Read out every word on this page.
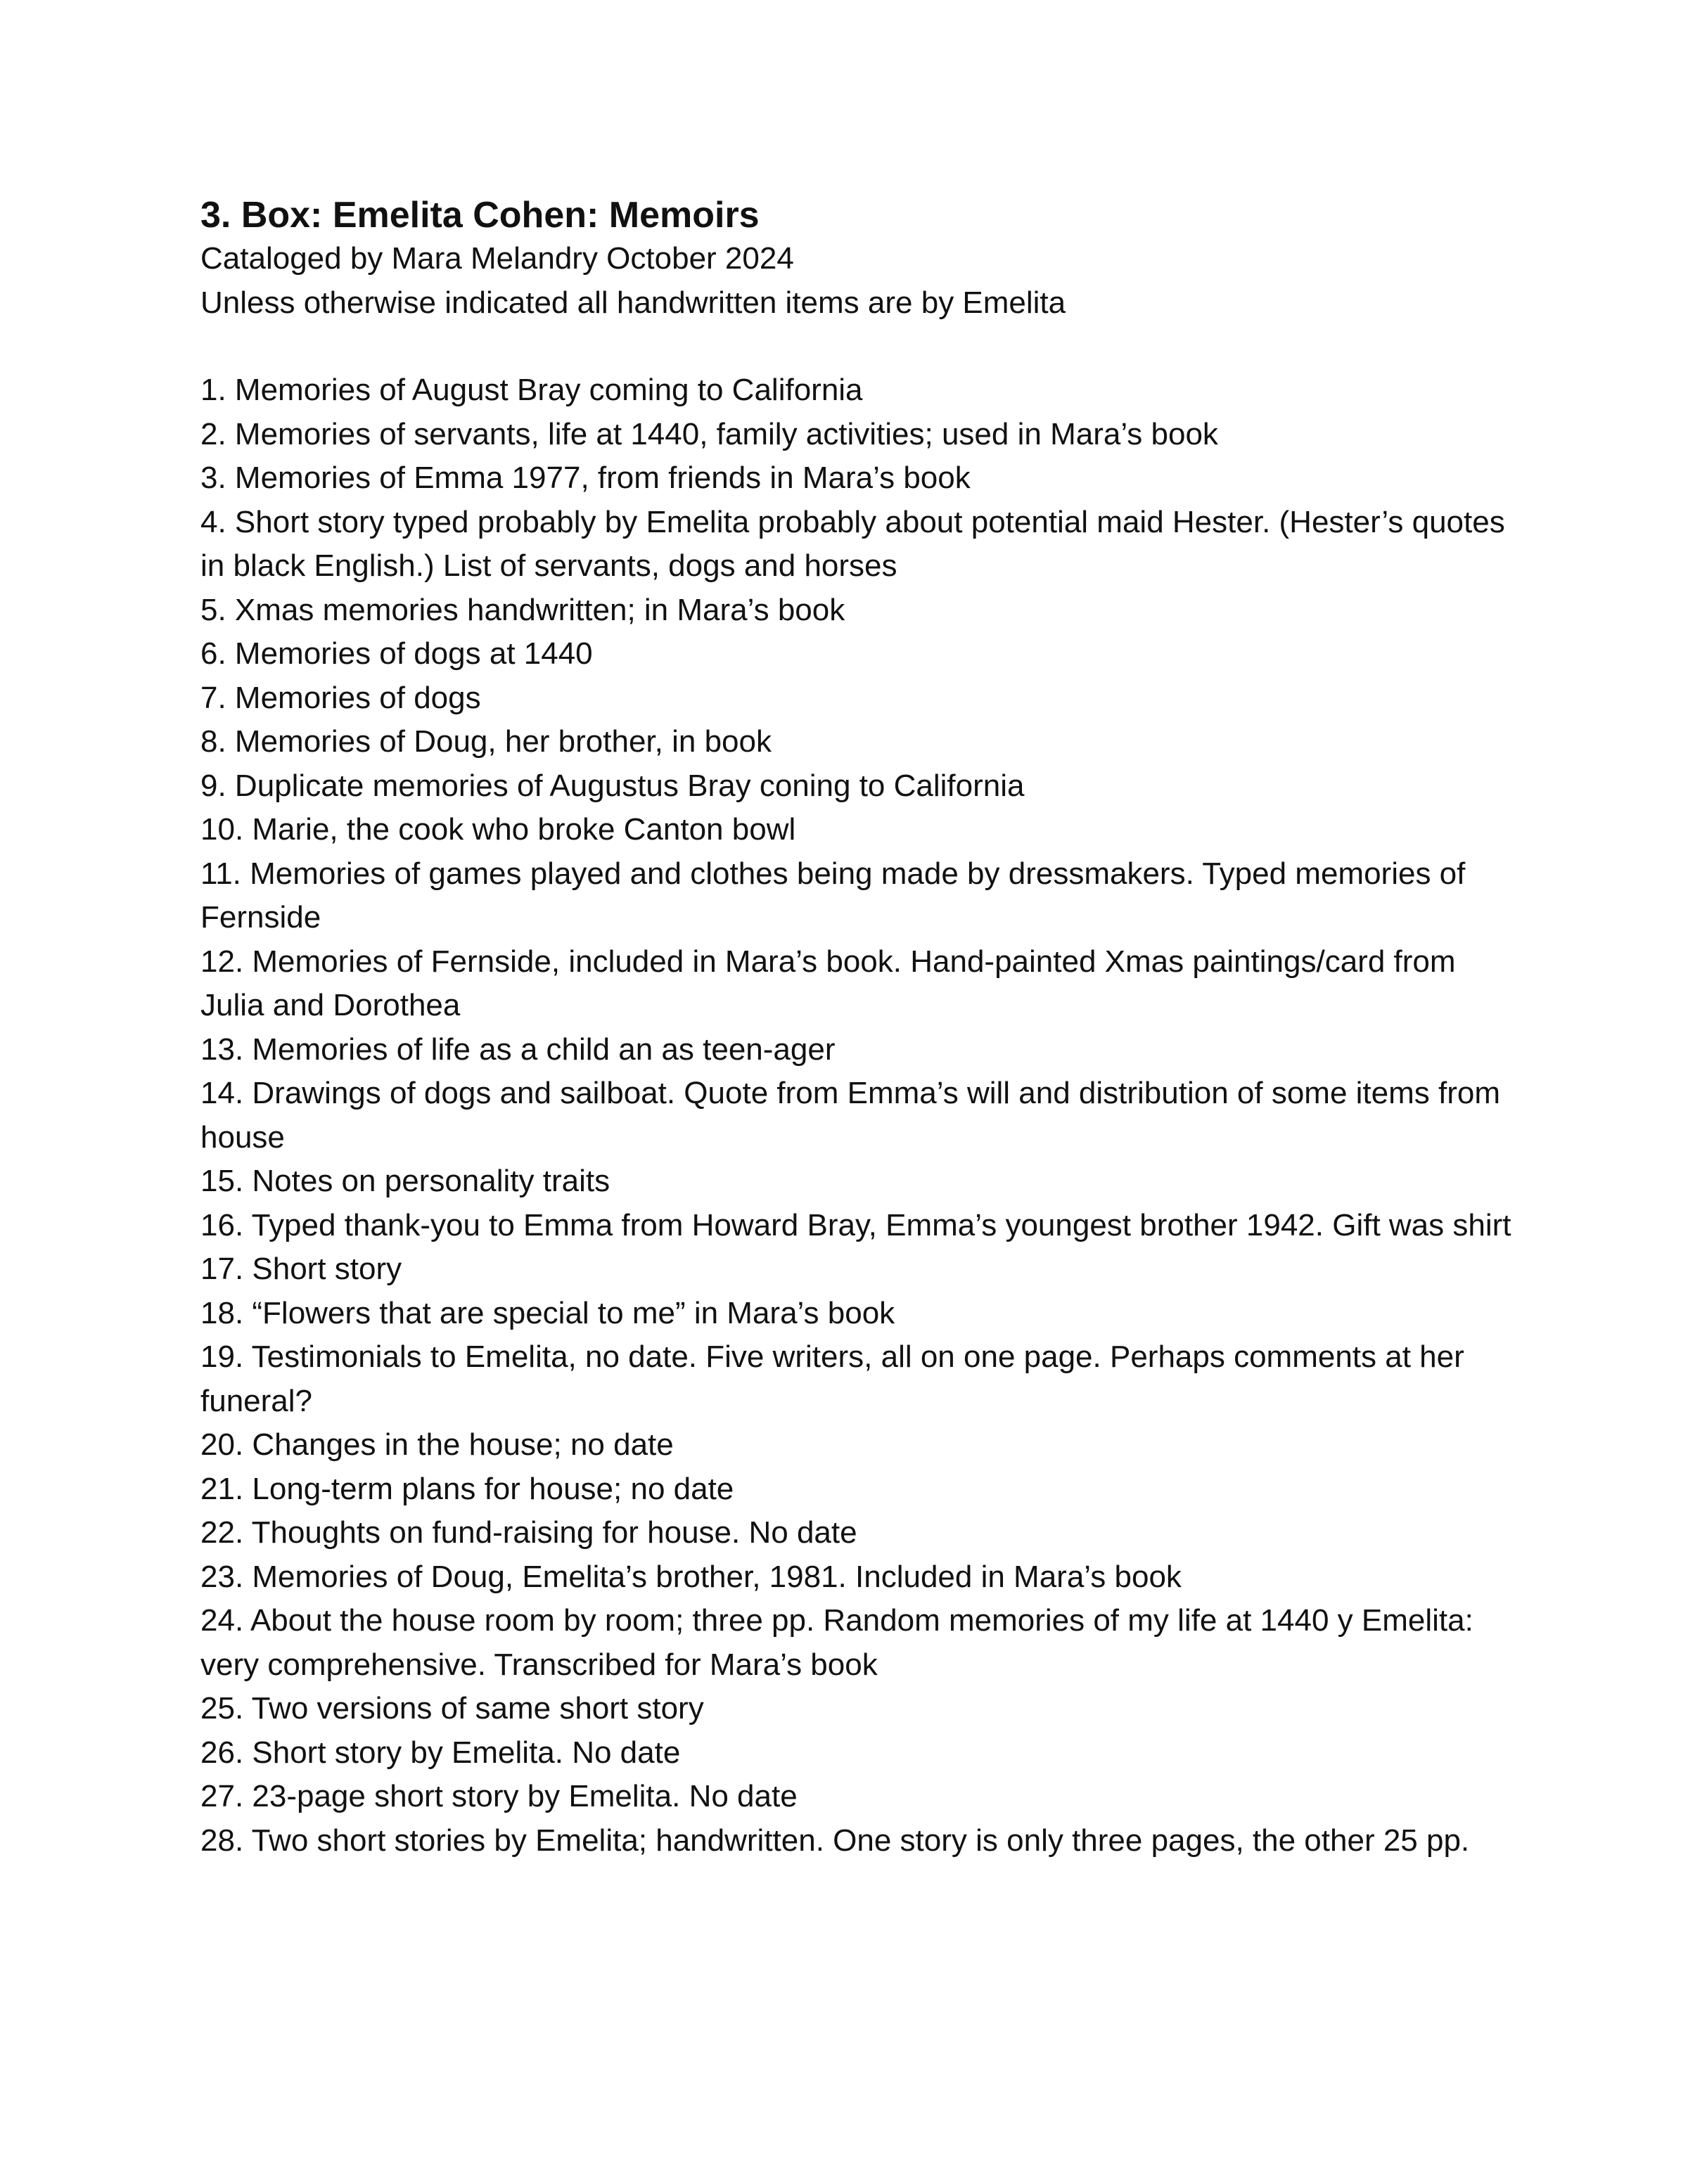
3. Box: Emelita Cohen: Memoirs

Cataloged by Mara Melandry October 2024

Unless otherwise indicated all handwritten items are by Emelita

1. Memories of August Bray coming to California
2. Memories of servants, life at 1440, family activities; used in Mara’s book
3. Memories of Emma 1977, from friends in Mara’s book
4. Short story typed probably by Emelita probably about potential maid Hester. (Hester’s quotes in black English.) List of servants, dogs and horses
5. Xmas memories handwritten; in Mara’s book
6. Memories of dogs at 1440
7. Memories of dogs
8. Memories of Doug, her brother, in book
9. Duplicate memories of Augustus Bray coning to California
10. Marie, the cook who broke Canton bowl
11. Memories of games played and clothes being made by dressmakers. Typed memories of Fernside
12. Memories of Fernside, included in Mara’s book. Hand-painted Xmas paintings/card from Julia and Dorothea
13. Memories of life as a child an as teen-ager
14. Drawings of dogs and sailboat. Quote from Emma’s will and distribution of some items from house
15. Notes on personality traits
16. Typed thank-you to Emma from Howard Bray, Emma’s youngest brother 1942. Gift was shirt
17. Short story
18. “Flowers that are special to me” in Mara’s book
19. Testimonials to Emelita, no date. Five writers, all on one page. Perhaps comments at her funeral?
20. Changes in the house; no date
21. Long-term plans for house; no date
22. Thoughts on fund-raising for house. No date
23. Memories of Doug, Emelita’s brother, 1981. Included in Mara’s book
24. About the house room by room; three pp. Random memories of my life at 1440 y Emelita: very comprehensive. Transcribed for Mara’s book
25. Two versions of same short story
26. Short story by Emelita. No date
27. 23-page short story by Emelita. No date
28. Two short stories by Emelita; handwritten. One story is only three pages, the other 25 pp.
